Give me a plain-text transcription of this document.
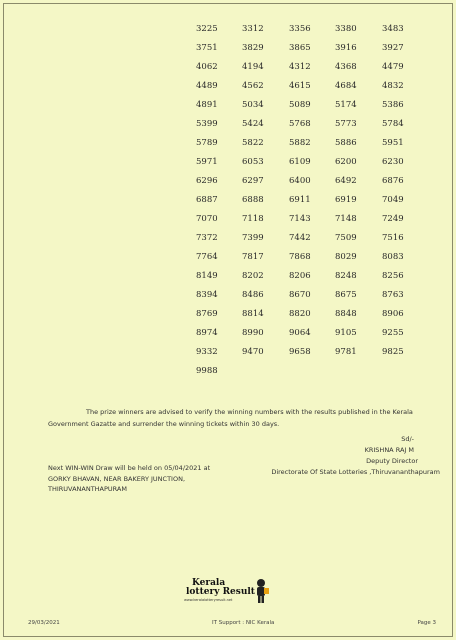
3225	3312	3356	3380	3483
3751	3829	3865	3916	3927
4062	4194	4312	4368	4479
4489	4562	4615	4684	4832
4891	5034	5089	5174	5386
5399	5424	5768	5773	5784
5789	5822	5882	5886	5951
5971	6053	6109	6200	6230
6296	6297	6400	6492	6876
6887	6888	6911	6919	7049
7070	7118	7143	7148	7249
7372	7399	7442	7509	7516
7764	7817	7868	8029	8083
8149	8202	8206	8248	8256
8394	8486	8670	8675	8763
8769	8814	8820	8848	8906
8974	8990	9064	9105	9255
9332	9470	9658	9781	9825
9988
The prize winners are advised to verify the winning numbers with the results published in the Kerala
Government Gazatte and surrender the winning tickets within 30 days.
Sd/-
KRISHNA RAJ M
Deputy Director
Directorate Of State Lotteries ,Thiruvananthapuram
Next WIN-WIN Draw will be held on 05/04/2021 at
GORKY BHAVAN, NEAR BAKERY JUNCTION,
THIRUVANANTHAPURAM
Kerala
lottery Result
www.keralalotteryresult.net
29/03/2021	IT Support : NIC Kerala	Page 3
